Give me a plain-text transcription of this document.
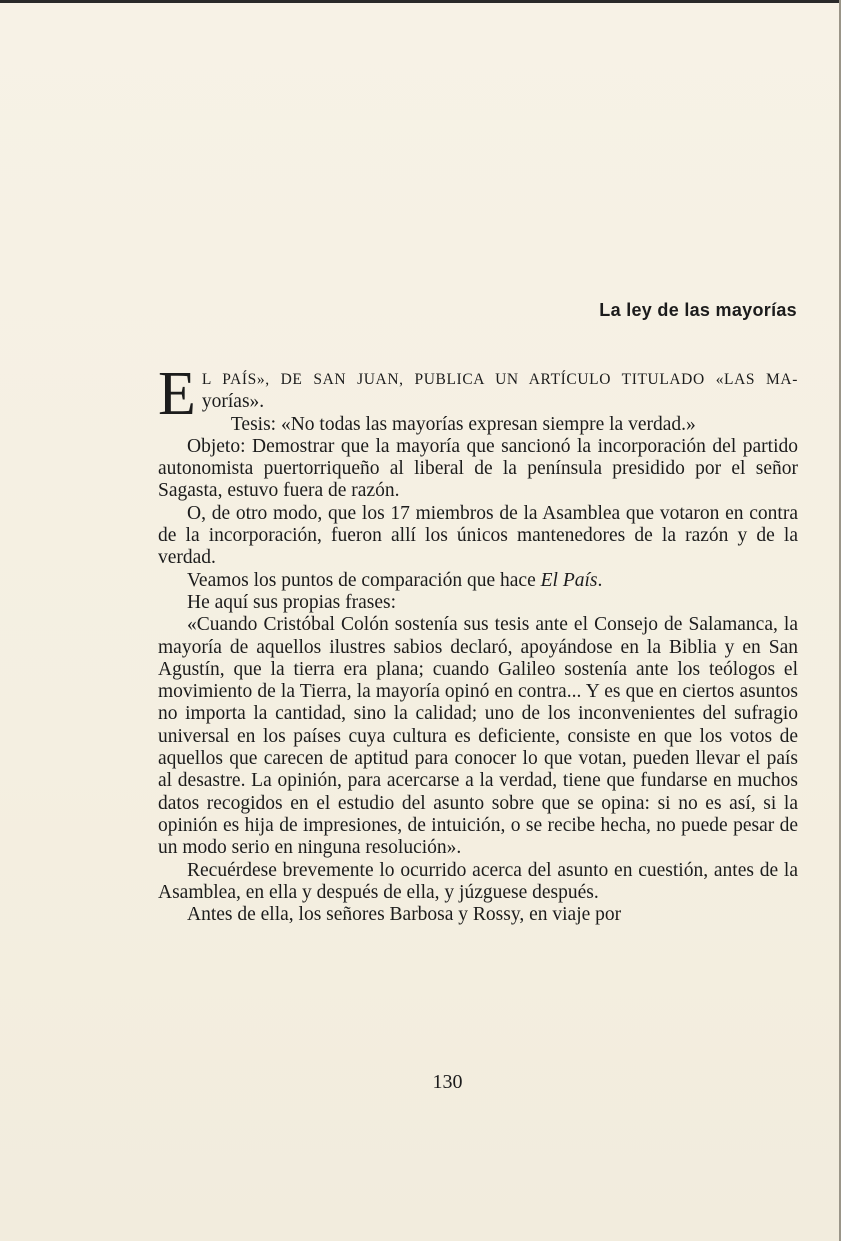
La ley de las mayorías

E L PAÍS», DE SAN JUAN, PUBLICA UN ARTÍCULO TITULADO «LAS MA- yorías».

Tesis: «No todas las mayorías expresan siempre la verdad.»

Objeto: Demostrar que la mayoría que sancionó la incorporación del partido autonomista puertorriqueño al liberal de la península presidido por el señor Sagasta, estuvo fuera de razón.

O, de otro modo, que los 17 miembros de la Asamblea que votaron en contra de la incorporación, fueron allí los únicos mantenedores de la razón y de la verdad.

Veamos los puntos de comparación que hace El País.

He aquí sus propias frases:

«Cuando Cristóbal Colón sostenía sus tesis ante el Consejo de Salamanca, la mayoría de aquellos ilustres sabios declaró, apoyándose en la Biblia y en San Agustín, que la tierra era plana; cuando Galileo sostenía ante los teólogos el movimiento de la Tierra, la mayoría opinó en contra... Y es que en ciertos asuntos no importa la cantidad, sino la calidad; uno de los inconvenientes del sufragio universal en los países cuya cultura es deficiente, consiste en que los votos de aquellos que carecen de aptitud para conocer lo que votan, pueden llevar el país al desastre. La opinión, para acercarse a la verdad, tiene que fundarse en muchos datos recogidos en el estudio del asunto sobre que se opina: si no es así, si la opinión es hija de impresiones, de intuición, o se recibe hecha, no puede pesar de un modo serio en ninguna resolución».

Recuérdese brevemente lo ocurrido acerca del asunto en cuestión, antes de la Asamblea, en ella y después de ella, y júzguese después.

Antes de ella, los señores Barbosa y Rossy, en viaje por

130
